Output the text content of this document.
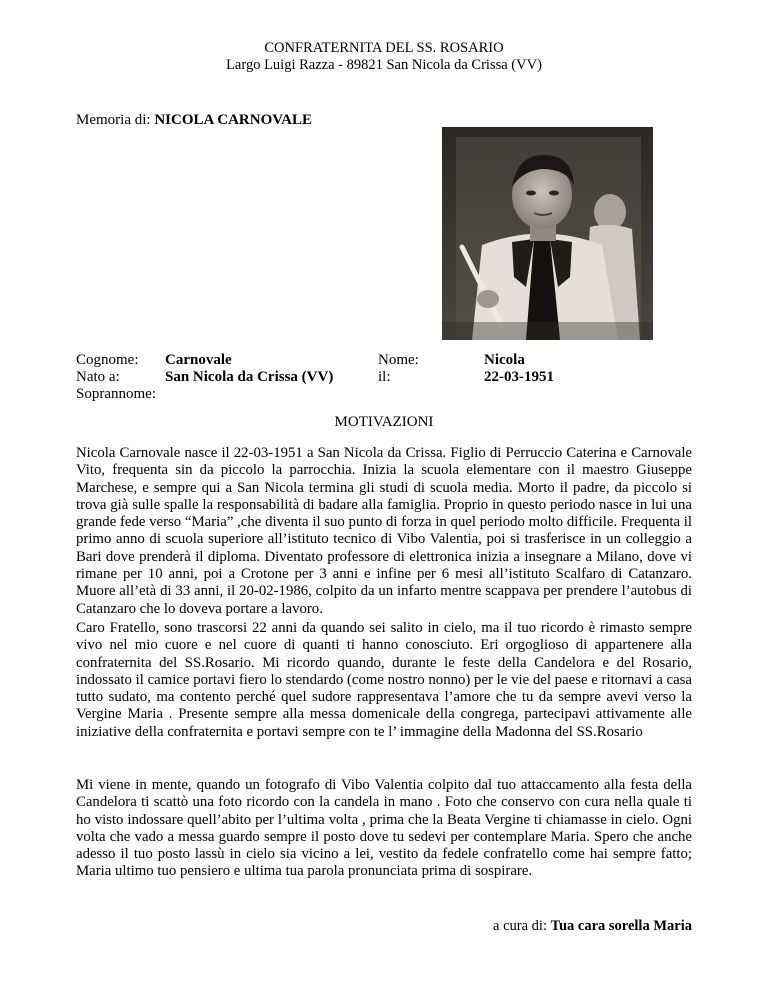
CONFRATERNITA DEL SS. ROSARIO
Largo Luigi Razza - 89821 San Nicola da Crissa (VV)
Memoria di: NICOLA CARNOVALE
Cognome:
Nato a:
Soprannome:
Carnovale
San Nicola da Crissa (VV)
Nome:
il:
Nicola
22-03-1951
MOTIVAZIONI

Nicola Carnovale nasce il 22-03-1951 a San Nicola da Crissa. Figlio di Perruccio Caterina e Carnovale Vito, frequenta sin da piccolo la parrocchia. Inizia la scuola elementare con il maestro Giuseppe Marchese, e sempre qui a San Nicola termina gli studi di scuola media. Morto il padre, da piccolo si trova già sulle spalle la responsabilità di badare alla famiglia. Proprio in questo periodo nasce in lui una grande fede verso “Maria” ,che diventa il suo punto di forza in quel periodo molto difficile. Frequenta il primo anno di scuola superiore all’istituto tecnico di Vibo Valentia, poi si trasferisce in un colleggio a Bari dove prenderà il diploma. Diventato professore di elettronica inizia a insegnare a Milano, dove vi rimane per 10 anni, poi a Crotone per 3 anni e infine per 6 mesi all’istituto Scalfaro di Catanzaro. Muore all’età di 33 anni, il 20-02-1986, colpito da un infarto mentre scappava per prendere l’autobus di Catanzaro che lo doveva portare a lavoro.

Caro Fratello, sono trascorsi 22 anni da quando sei salito in cielo, ma il tuo ricordo è rimasto sempre vivo nel mio cuore e nel cuore di quanti ti hanno conosciuto. Eri orgoglioso di appartenere alla confraternita del SS.Rosario. Mi ricordo quando, durante le feste della Candelora e del Rosario, indossato il camice portavi fiero lo stendardo (come nostro nonno) per le vie del paese e ritornavi a casa tutto sudato, ma contento perché quel sudore rappresentava l’amore che tu da sempre avevi verso la Vergine Maria . Presente sempre alla messa domenicale della congrega, partecipavi attivamente alle iniziative della confraternita e portavi sempre con te l’ immagine della Madonna del SS.Rosario

Mi viene in mente, quando un fotografo di Vibo Valentia colpito dal tuo attaccamento alla festa della Candelora ti scattò una foto ricordo con la candela in mano . Foto che conservo con cura nella quale ti ho visto indossare quell’abito per l’ultima volta , prima che la Beata Vergine ti chiamasse in cielo. Ogni volta che vado a messa guardo sempre il posto dove tu sedevi per contemplare Maria. Spero che anche adesso il tuo posto lassù in cielo sia vicino a lei, vestito da fedele confratello come hai sempre fatto; Maria ultimo tuo pensiero e ultima tua parola pronunciata prima di sospirare.

a cura di: Tua cara sorella Maria
